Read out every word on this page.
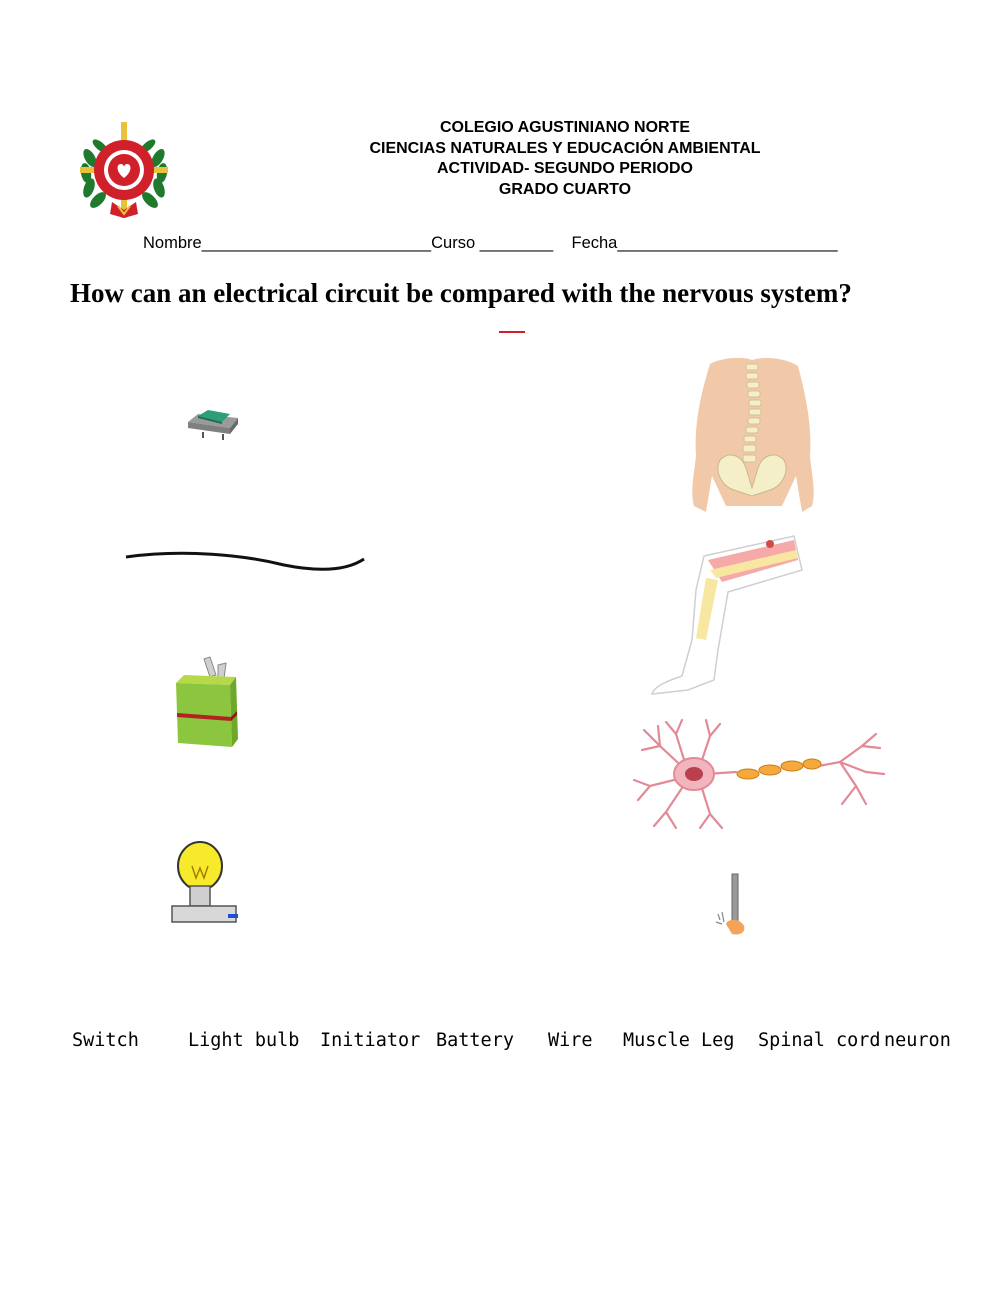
COLEGIO AGUSTINIANO NORTE
CIENCIAS NATURALES Y EDUCACIÓN AMBIENTAL
ACTIVIDAD- SEGUNDO PERIODO
GRADO CUARTO
Nombre_________________________Curso ________ Fecha________________________
How can an electrical circuit be compared with the nervous system?
Switch	Light bulb Initiator Battery Wire Muscle Leg Spinal cord neuron
